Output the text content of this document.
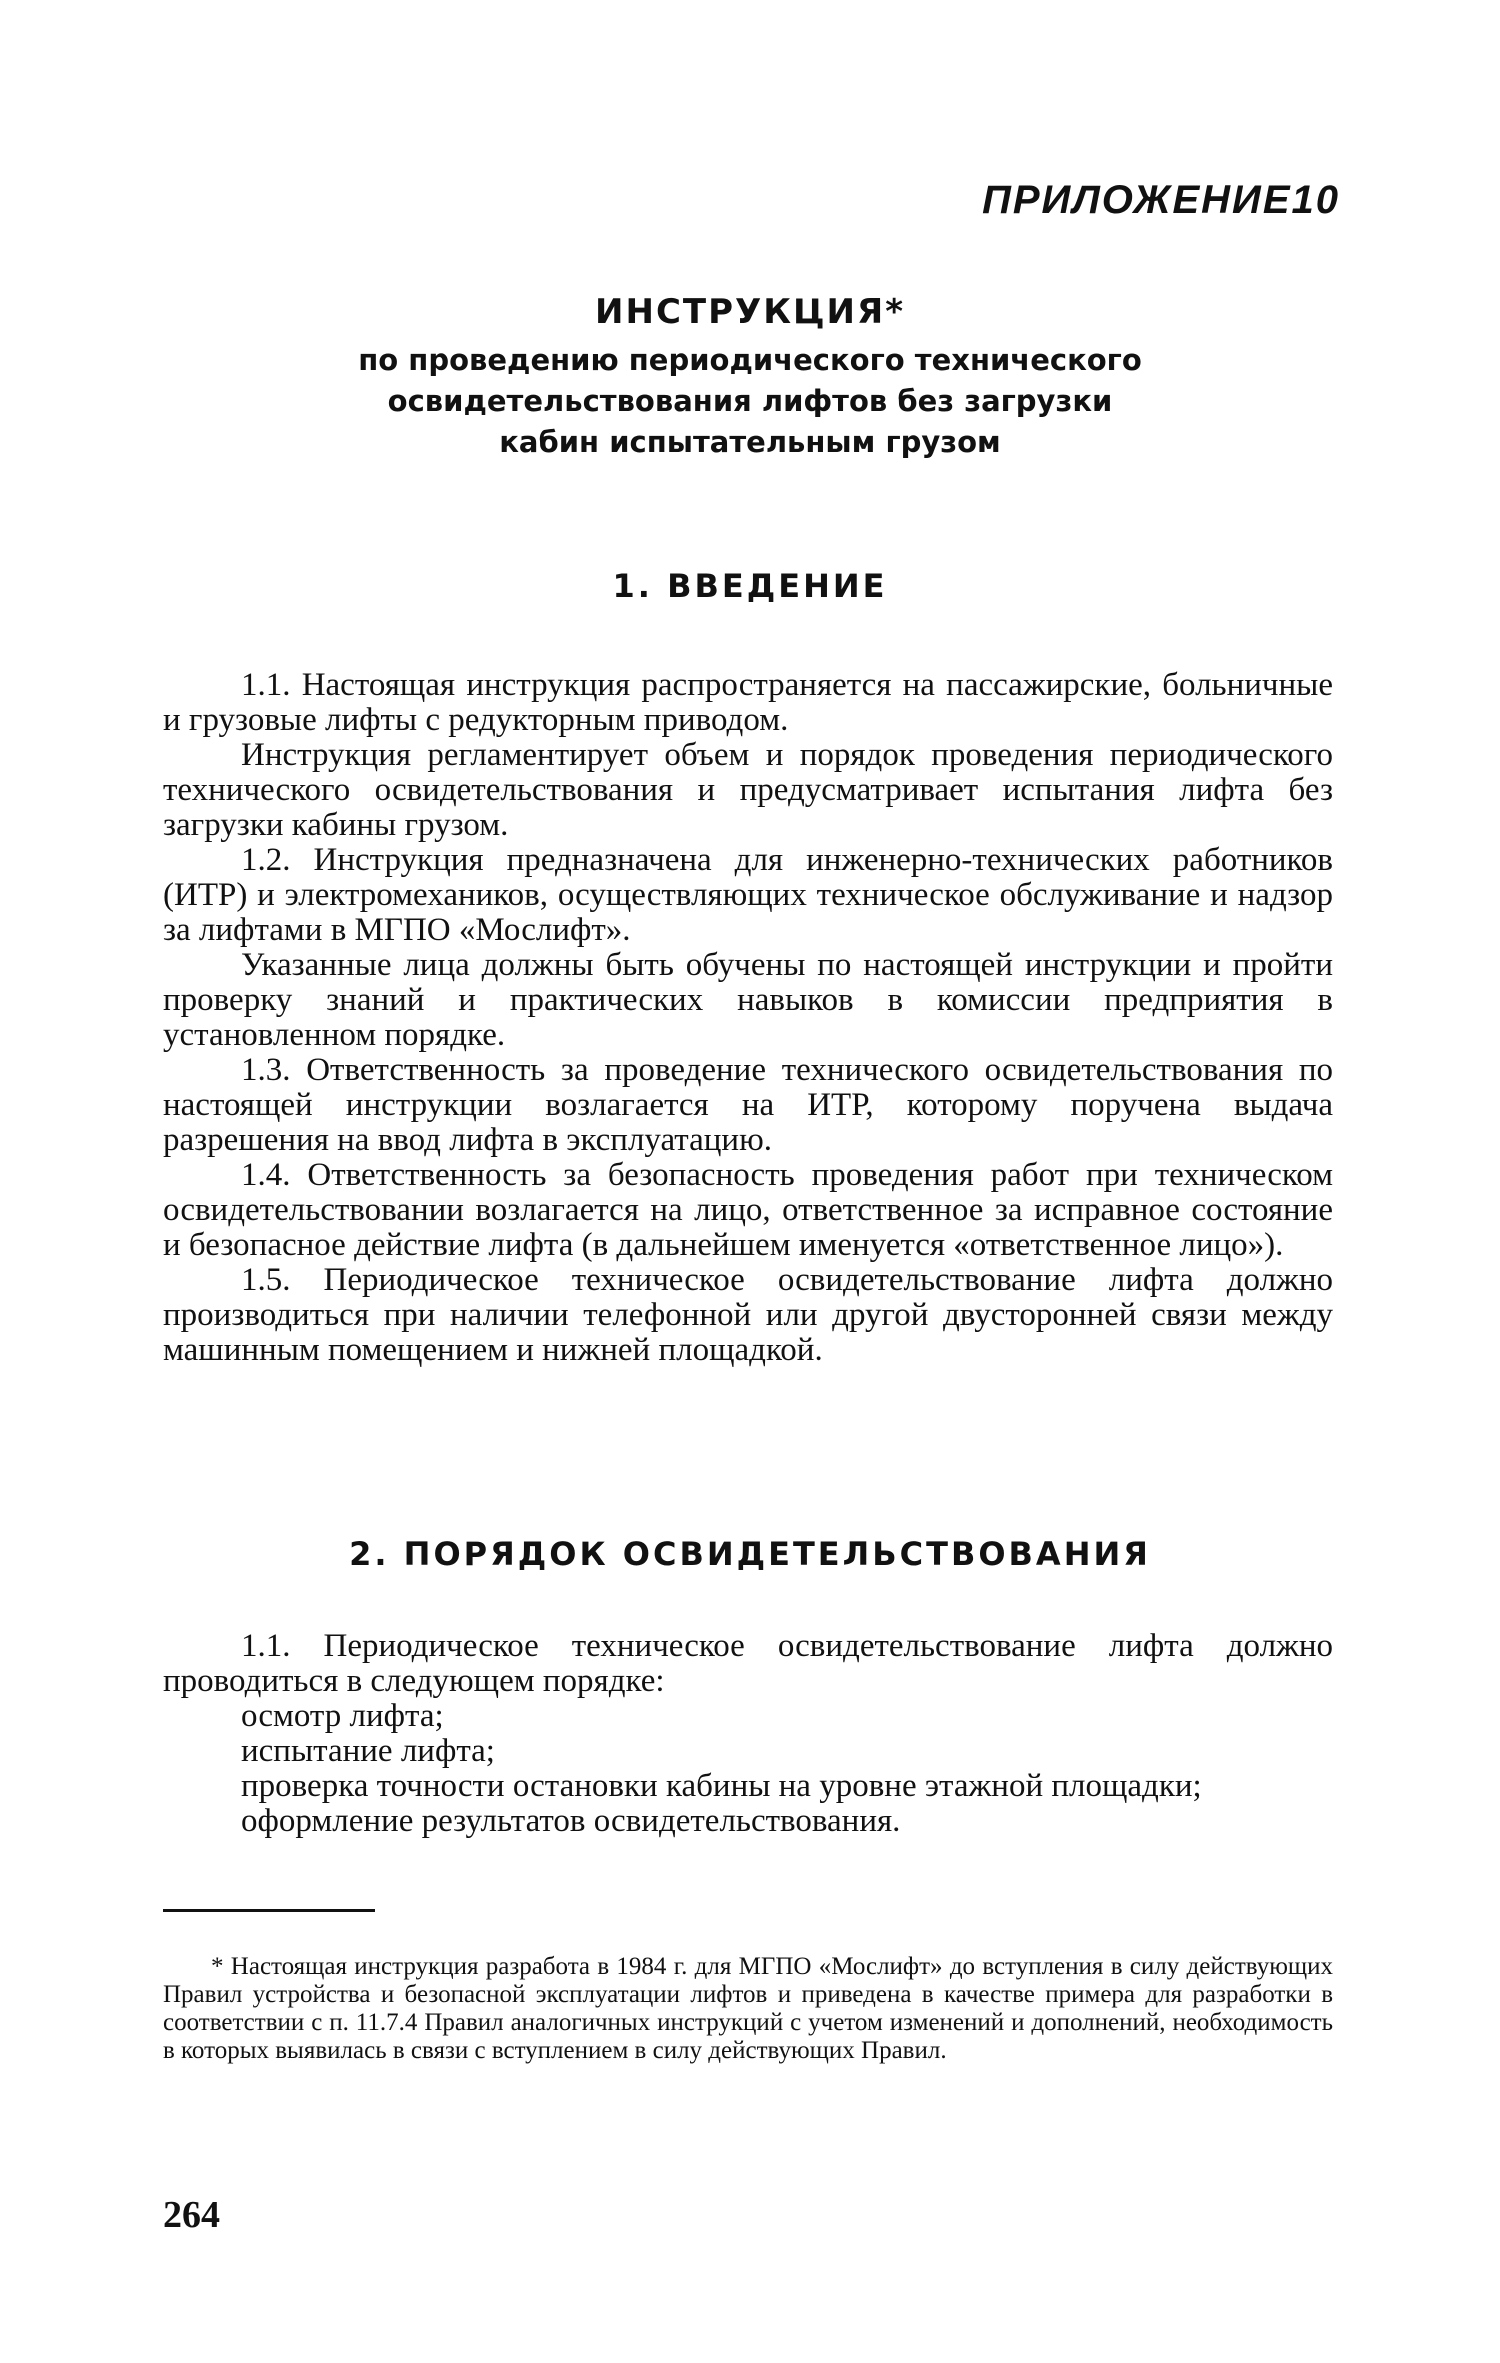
ПРИЛОЖЕНИЕ10
ИНСТРУКЦИЯ*
по проведению периодического технического
освидетельствования лифтов без загрузки
кабин испытательным грузом
1. ВВЕДЕНИЕ

1.1. Настоящая инструкция распространяется на пассажирские, больничные и грузовые лифты с редукторным приводом.

Инструкция регламентирует объем и порядок проведения периодического технического освидетельствования и предусматривает испытания лифта без загрузки кабины грузом.

1.2. Инструкция предназначена для инженерно-технических работников (ИТР) и электромехаников, осуществляющих техническое обслуживание и надзор за лифтами в МГПО «Мослифт».

Указанные лица должны быть обучены по настоящей инструкции и пройти проверку знаний и практических навыков в комиссии предприятия в установленном порядке.

1.3. Ответственность за проведение технического освидетельствования по настоящей инструкции возлагается на ИТР, которому поручена выдача разрешения на ввод лифта в эксплуатацию.

1.4. Ответственность за безопасность проведения работ при техническом освидетельствовании возлагается на лицо, ответственное за исправное состояние и безопасное действие лифта (в дальнейшем именуется «ответственное лицо»).

1.5. Периодическое техническое освидетельствование лифта должно производиться при наличии телефонной или другой двусторонней связи между машинным помещением и нижней площадкой.

2. ПОРЯДОК ОСВИДЕТЕЛЬСТВОВАНИЯ

1.1. Периодическое техническое освидетельствование лифта должно проводиться в следующем порядке:

осмотр лифта;
испытание лифта;
проверка точности остановки кабины на уровне этажной площадки;
оформление результатов освидетельствования.

* Настоящая инструкция разработа в 1984 г. для МГПО «Мослифт» до вступления в силу действующих Правил устройства и безопасной эксплуатации лифтов и приведена в качестве примера для разработки в соответствии с п. 11.7.4 Правил аналогичных инструкций с учетом изменений и дополнений, необходимость в которых выявилась в связи с вступлением в силу действующих Правил.

264
